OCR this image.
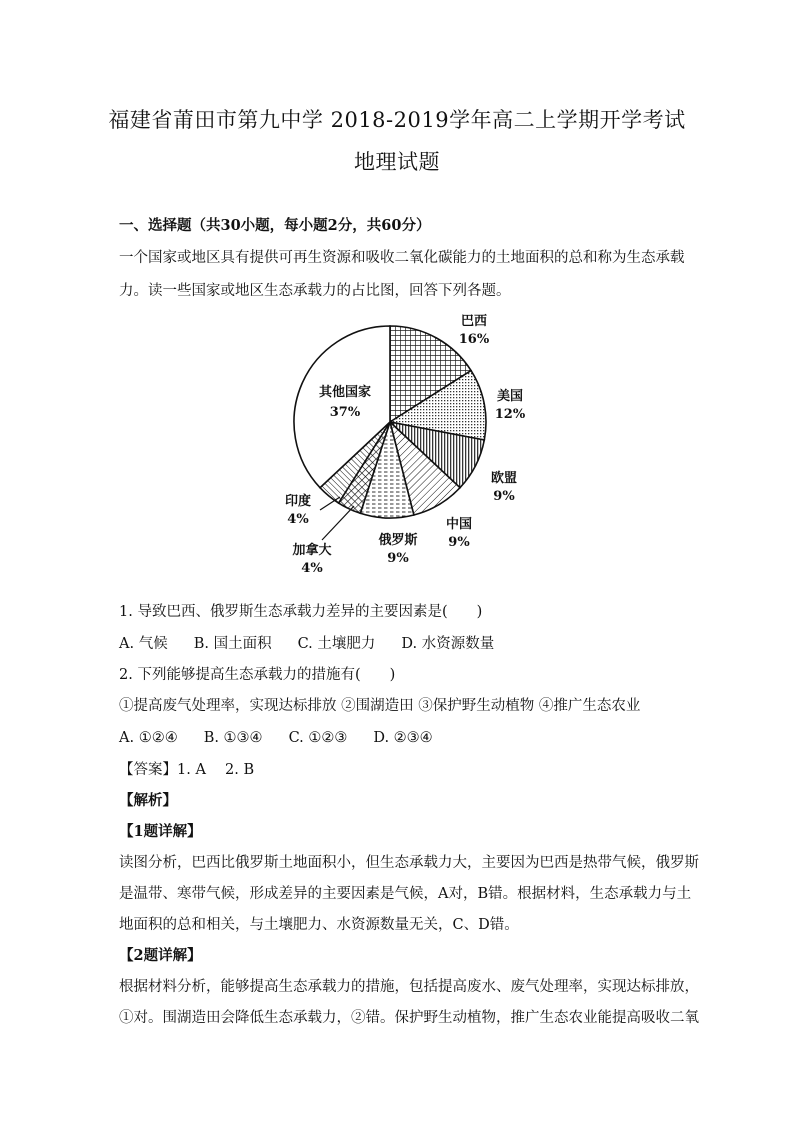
福建省莆田市第九中学 2018-2019学年高二上学期开学考试
地理试题
一、选择题（共30小题，每小题2分，共60分）
一个国家或地区具有提供可再生资源和吸收二氧化碳能力的土地面积的总和称为生态承载
力。读一些国家或地区生态承载力的占比图，回答下列各题。
巴西
16%
美国
12%
欧盟
9%
中国
9%
俄罗斯
9%
加拿大
4%
印度
4%
其他国家
37%
1. 导致巴西、俄罗斯生态承载力差异的主要因素是(　　)
A. 气候 B. 国土面积 C. 土壤肥力 D. 水资源数量
2. 下列能够提高生态承载力的措施有(　　)
①提高废气处理率，实现达标排放 ②围湖造田 ③保护野生动植物 ④推广生态农业
A. ①②④ B. ①③④ C. ①②③ D. ②③④
【答案】1. A　 2. B
【解析】
【1题详解】
读图分析，巴西比俄罗斯土地面积小，但生态承载力大，主要因为巴西是热带气候，俄罗斯
是温带、寒带气候，形成差异的主要因素是气候，A对，B错。根据材料，生态承载力与土
地面积的总和相关，与土壤肥力、水资源数量无关，C、D错。
【2题详解】
根据材料分析，能够提高生态承载力的措施，包括提高废水、废气处理率，实现达标排放，
①对。围湖造田会降低生态承载力，②错。保护野生动植物，推广生态农业能提高吸收二氧
